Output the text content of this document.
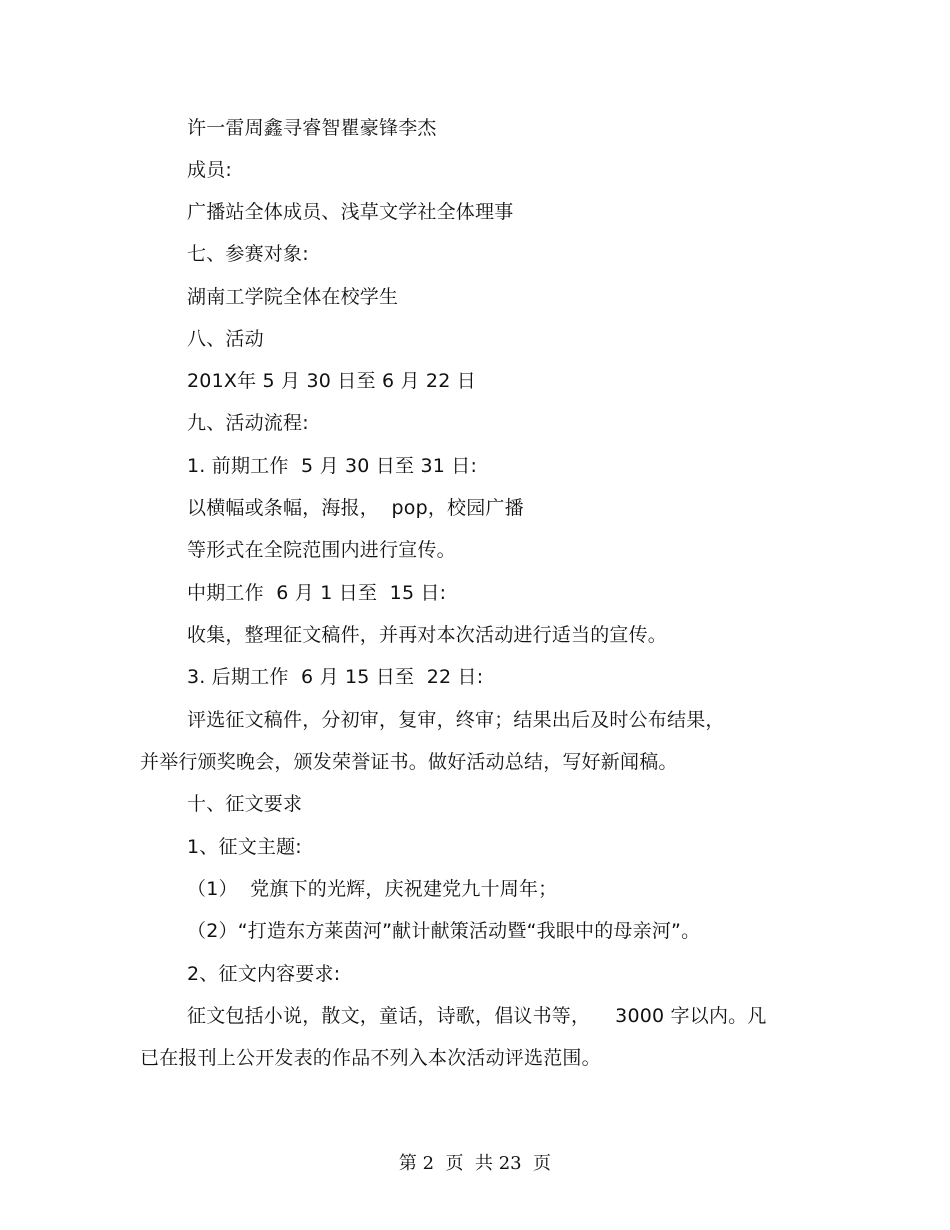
许一雷周鑫寻睿智瞿豪锋李杰
成员:
广播站全体成员、浅草文学社全体理事
七、参赛对象:
湖南工学院全体在校学生
八、活动
201X年 5 月 30 日至 6 月 22 日
九、活动流程:
1. 前期工作  5 月 30 日至 31 日:
以横幅或条幅，海报，  pop，校园广播
等形式在全院范围内进行宣传。
中期工作  6 月 1 日至  15 日:
收集，整理征文稿件，并再对本次活动进行适当的宣传。
3. 后期工作  6 月 15 日至  22 日:
评选征文稿件，分初审，复审，终审；结果出后及时公布结果，
并举行颁奖晚会，颁发荣誉证书。做好活动总结，写好新闻稿。
十、征文要求
1、征文主题:
（1）  党旗下的光辉，庆祝建党九十周年；
（2）“打造东方莱茵河”献计献策活动暨“我眼中的母亲河”。
2、征文内容要求:
征文包括小说，散文，童话，诗歌，倡议书等，    3000 字以内。凡
已在报刊上公开发表的作品不列入本次活动评选范围。
第 2  页  共 23  页
